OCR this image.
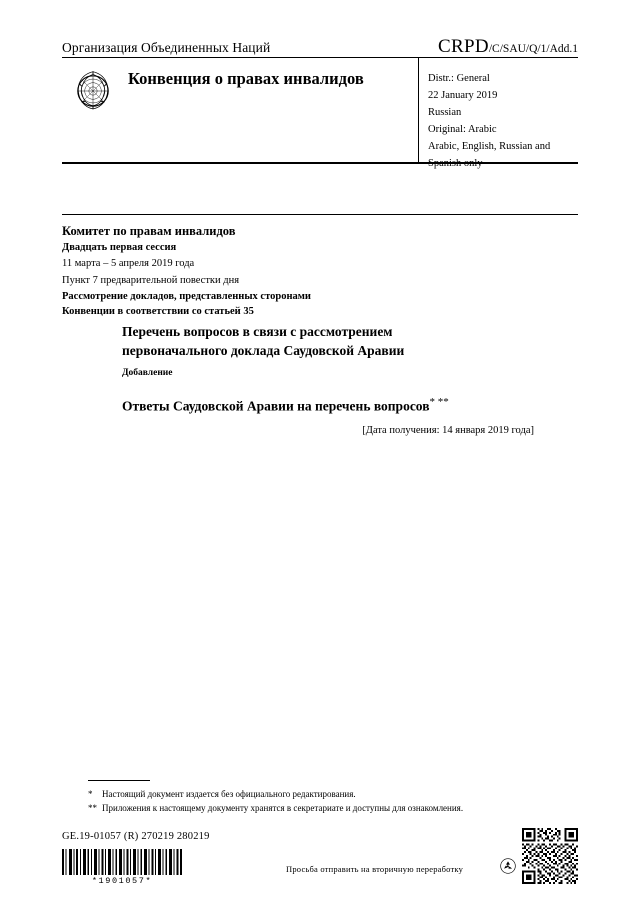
Организация Объединенных Наций	CRPD/C/SAU/Q/1/Add.1
Конвенция о правах инвалидов	Distr.: General
22 January 2019
Russian
Original: Arabic
Arabic, English, Russian and
Spanish only
Комитет по правам инвалидов
Двадцать первая сессия
11 марта – 5 апреля 2019 года
Пункт 7 предварительной повестки дня
Рассмотрение докладов, представленных сторонами
Конвенции в соответствии со статьей 35
Перечень вопросов в связи с рассмотрением
первоначального доклада Саудовской Аравии
Добавление
Ответы Саудовской Аравии на перечень вопросов* **
[Дата получения: 14 января 2019 года]
* Настоящий документ издается без официального редактирования.
** Приложения к настоящему документу хранятся в секретариате и доступны для ознакомления.
GE.19-01057 (R) 270219 280219
*1901057*
Просьба отправить на вторичную переработку
